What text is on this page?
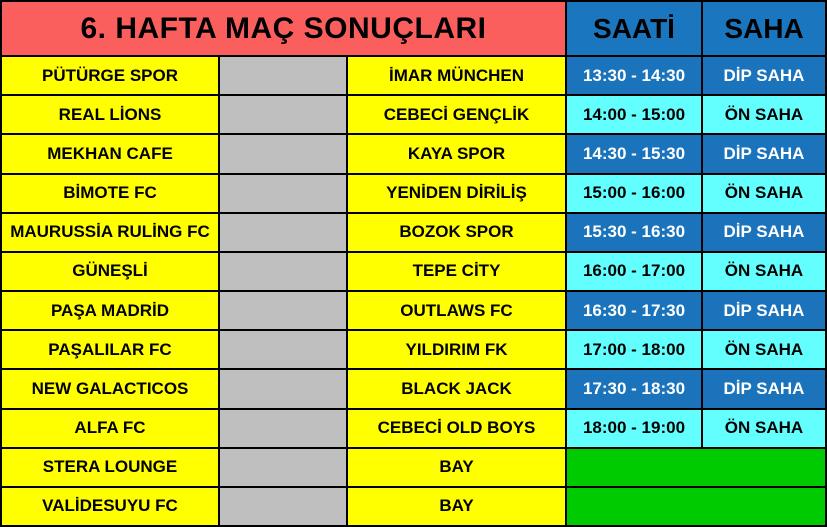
6. HAFTA MAÇ SONUÇLARI	SAATİ	SAHA
PÜTÜRGE SPOR	İMAR MÜNCHEN	13:30 - 14:30	DİP SAHA
REAL LİONS	CEBECİ GENÇLİK	14:00 - 15:00	ÖN SAHA
MEKHAN CAFE	KAYA SPOR	14:30 - 15:30	DİP SAHA
BİMOTE FC	YENİDEN DİRİLİŞ	15:00 - 16:00	ÖN SAHA
MAURUSSİA RULİNG FC	BOZOK SPOR	15:30 - 16:30	DİP SAHA
GÜNEŞLİ	TEPE CİTY	16:00 - 17:00	ÖN SAHA
PAŞA MADRİD	OUTLAWS FC	16:30 - 17:30	DİP SAHA
PAŞALILAR FC	YILDIRIM FK	17:00 - 18:00	ÖN SAHA
NEW GALACTICOS	BLACK JACK	17:30 - 18:30	DİP SAHA
ALFA FC	CEBECİ OLD BOYS	18:00 - 19:00	ÖN SAHA
STERA LOUNGE	BAY
VALİDESUYU FC	BAY
